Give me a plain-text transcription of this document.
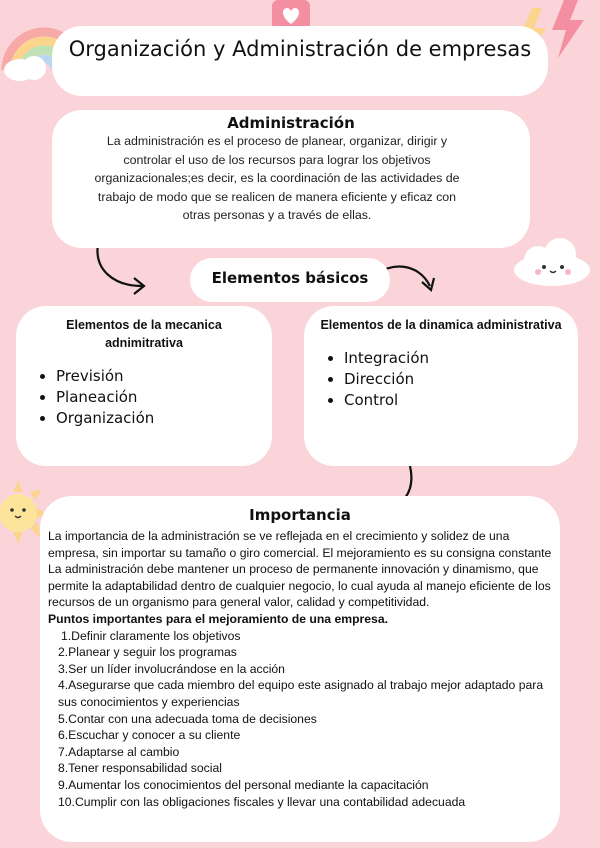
Organización y Administración de empresas
Administración

La administración es el proceso de planear, organizar, dirigir y controlar el uso de los recursos para lograr los objetivos organizacionales;es decir, es la coordinación de las actividades de trabajo de modo que se realicen de manera eficiente y eficaz con otras personas y a través de ellas.

Elementos básicos
Elementos de la mecanica adnimitrativa
• Previsión
• Planeación
• Organización
Elementos de la dinamica administrativa
• Integración
• Dirección
• Control
Importancia

La importancia de la administración se ve reflejada en el crecimiento y solidez de una empresa, sin importar su tamaño o giro comercial. El mejoramiento es su consigna constante

La administración debe mantener un proceso de permanente innovación y dinamismo, que permite la adaptabilidad dentro de cualquier negocio, lo cual ayuda al manejo eficiente de los recursos de un organismo para general valor, calidad y competitividad.

Puntos importantes para el mejoramiento de una empresa.

1.Definir claramente los objetivos
2.Planear y seguir los programas
3.Ser un líder involucrándose en la acción
4.Asegurarse que cada miembro del equipo este asignado al trabajo mejor adaptado para sus conocimientos y experiencias
5.Contar con una adecuada toma de decisiones
6.Escuchar y conocer a su cliente
7.Adaptarse al cambio
8.Tener responsabilidad social
9.Aumentar los conocimientos del personal mediante la capacitación
10.Cumplir con las obligaciones fiscales y llevar una contabilidad adecuada
